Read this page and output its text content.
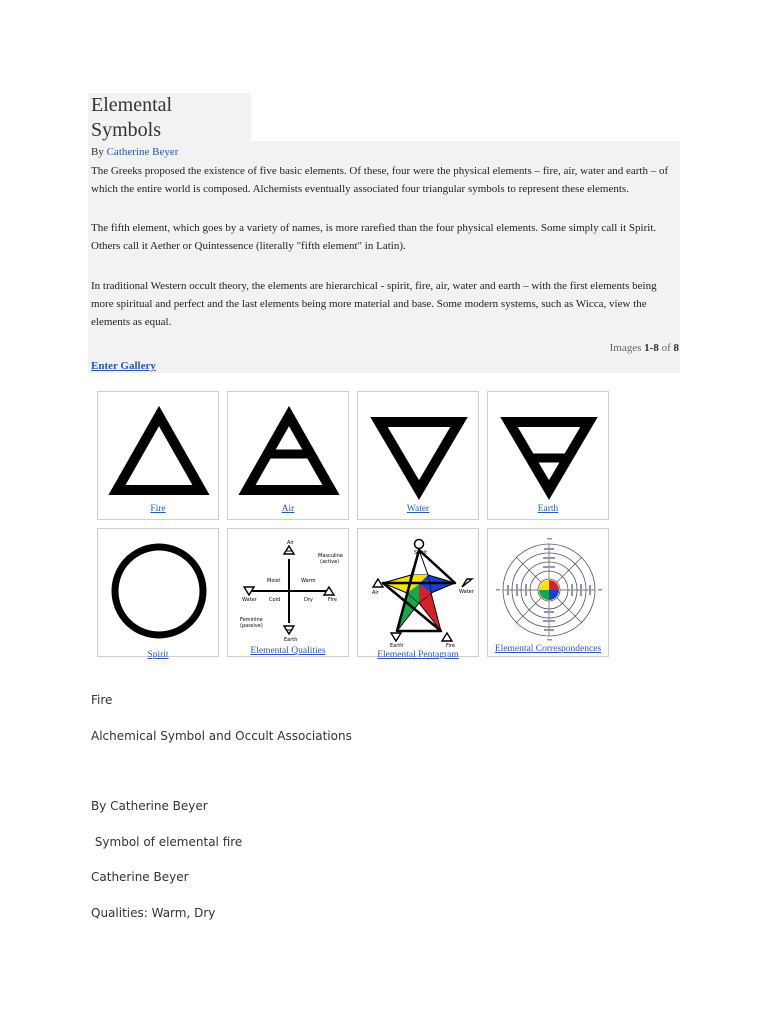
Elemental
Symbols
By Catherine Beyer
The Greeks proposed the existence of five basic elements. Of these, four were the physical elements – fire, air, water and earth – of which the entire world is composed. Alchemists eventually associated four triangular symbols to represent these elements.
The fifth element, which goes by a variety of names, is more rarefied than the four physical elements. Some simply call it Spirit. Others call it Aether or Quintessence (literally "fifth element" in Latin).
In traditional Western occult theory, the elements are hierarchical - spirit, fire, air, water and earth – with the first elements being more spiritual and perfect and the last elements being more material and base. Some modern systems, such as Wicca, view the elements as equal.
Images 1-8 of 8
Enter Gallery
Fire	Air	Water	Earth
Spirit
Air
Masculine
(active)
Moist	Warm
Water	Fire
Cold	Dry
Feminine
(passive)
Earth
Elemental Qualities
Spirit
Air	Water
Earth	Fire
Elemental Pentagram
Elemental Correspondences
Fire
Alchemical Symbol and Occult Associations
By Catherine Beyer
Symbol of elemental fire
Catherine Beyer
Qualities: Warm, Dry
